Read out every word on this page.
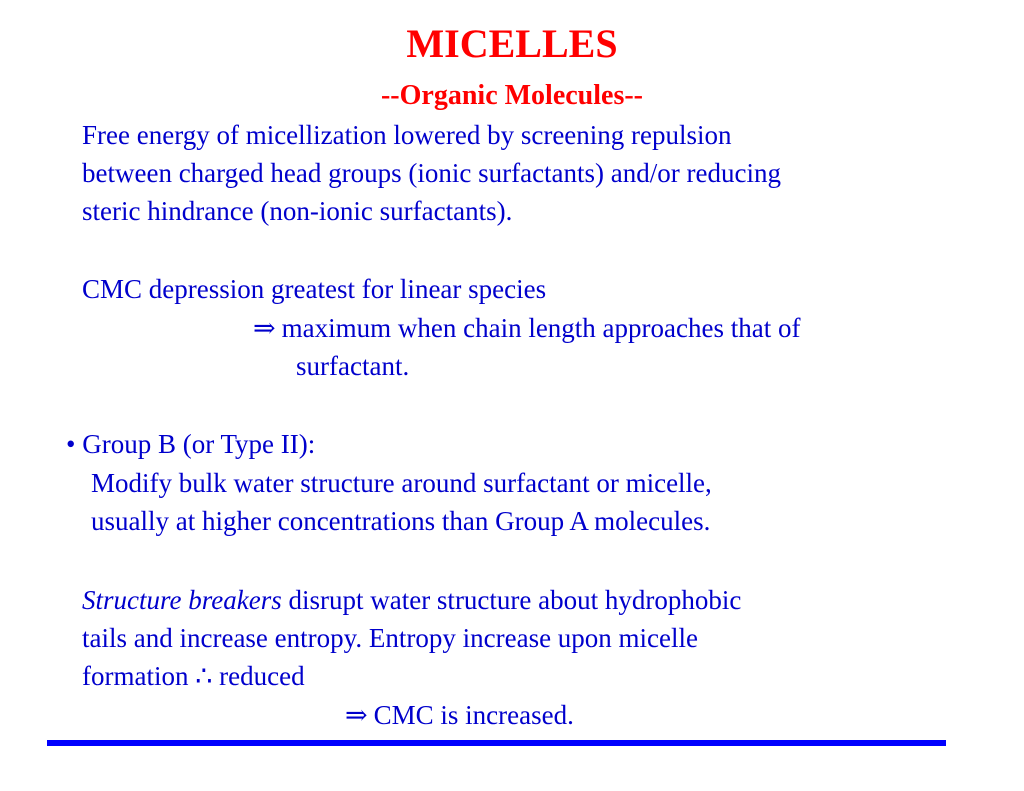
MICELLES
--Organic Molecules--
Free energy of micellization lowered by screening repulsion
between charged head groups (ionic surfactants) and/or reducing
steric hindrance (non-ionic surfactants).
CMC depression greatest for linear species
⇒ maximum when chain length approaches that of
surfactant.
• Group B (or Type II):
Modify bulk water structure around surfactant or micelle,
usually at higher concentrations than Group A molecules.
Structure breakers disrupt water structure about hydrophobic
tails and increase entropy. Entropy increase upon micelle
formation ∴ reduced
⇒ CMC is increased.
